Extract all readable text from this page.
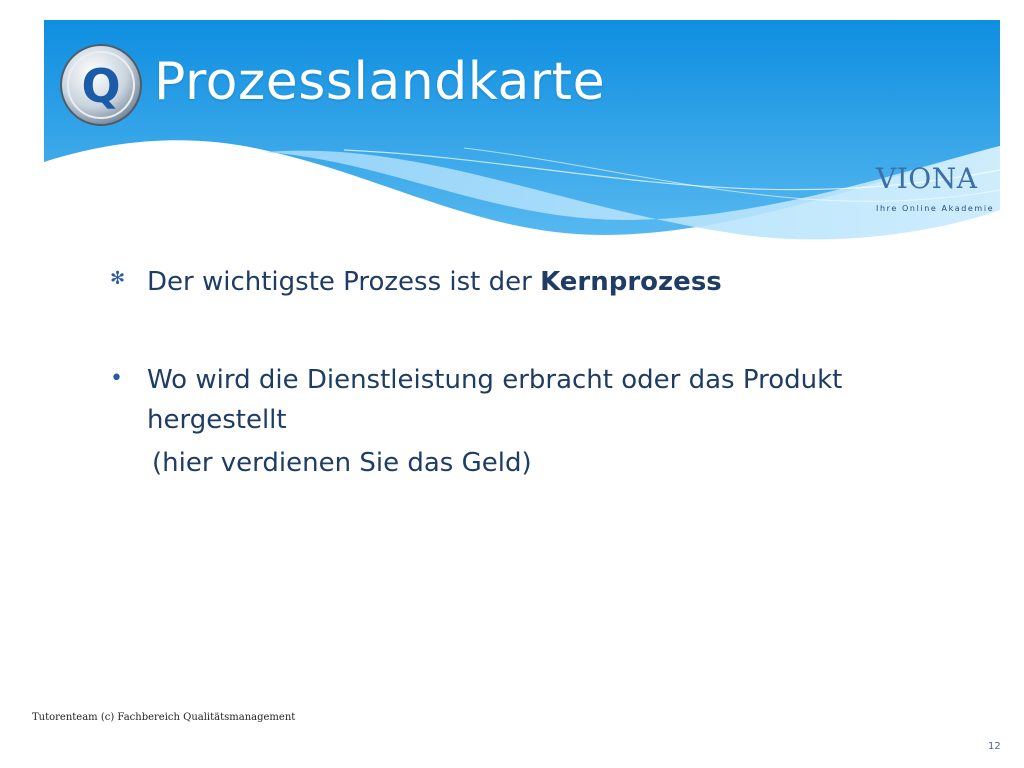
Q Prozesslandkarte
VIONA
Ihre Online Akademie
✻ Der wichtigste Prozess ist der Kernprozess
• Wo wird die Dienstleistung erbracht oder das Produkt hergestellt
(hier verdienen Sie das Geld)
Tutorenteam (c) Fachbereich Qualitätsmanagement
12
